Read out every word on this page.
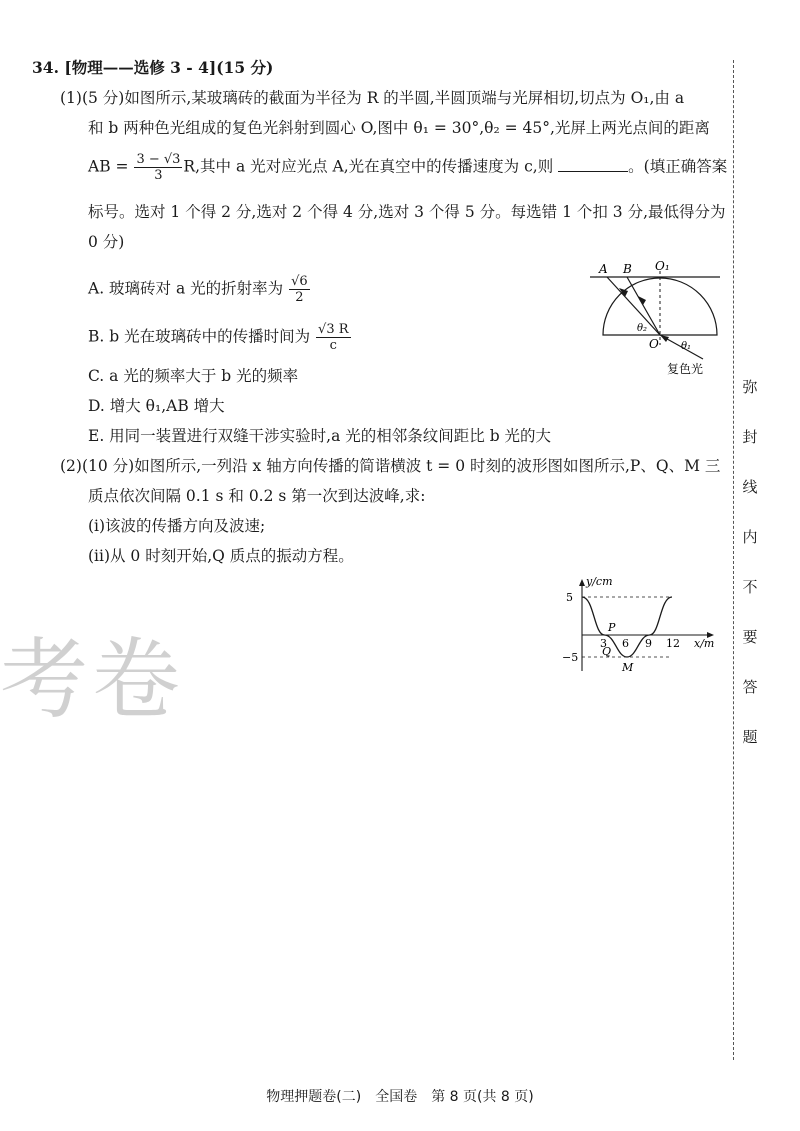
考卷
34. [物理——选修 3 - 4](15 分)
(1)(5 分)如图所示,某玻璃砖的截面为半径为 R 的半圆,半圆顶端与光屏相切,切点为 O₁,由 a
和 b 两种色光组成的复色光斜射到圆心 O,图中 θ₁ = 30°,θ₂ = 45°,光屏上两光点间的距离
AB = $\frac{3 - √3}{3} R$,其中 a 光对应光点 A,光在真空中的传播速度为 c,则	。(填正确答案
标号。选对 1 个得 2 分,选对 2 个得 4 分,选对 3 个得 5 分。每选错 1 个扣 3 分,最低得分为
0 分)
A. 玻璃砖对 a 光的折射率为 $\frac{√6}{2}$
B. b 光在玻璃砖中的传播时间为 $\frac{√3 R}{c}$
C. a 光的频率大于 b 光的频率
D. 增大 θ₁,AB 增大
E. 用同一装置进行双缝干涉实验时,a 光的相邻条纹间距比 b 光的大
(2)(10 分)如图所示,一列沿 x 轴方向传播的简谐横波 t = 0 时刻的波形图如图所示,P、Q、M 三
质点依次间隔 0.1 s 和 0.2 s 第一次到达波峰,求:
(i)该波的传播方向及波速;
(ii)从 0 时刻开始,Q 质点的振动方程。
A B O₁
O
θ₂
θ₁
复色光
5
−5
y/cm
x/m
3 6 9 12
P
Q
M
弥
封
线
内
不
要
答
题
物理押题卷(二)　全国卷　第 8 页(共 8 页)
